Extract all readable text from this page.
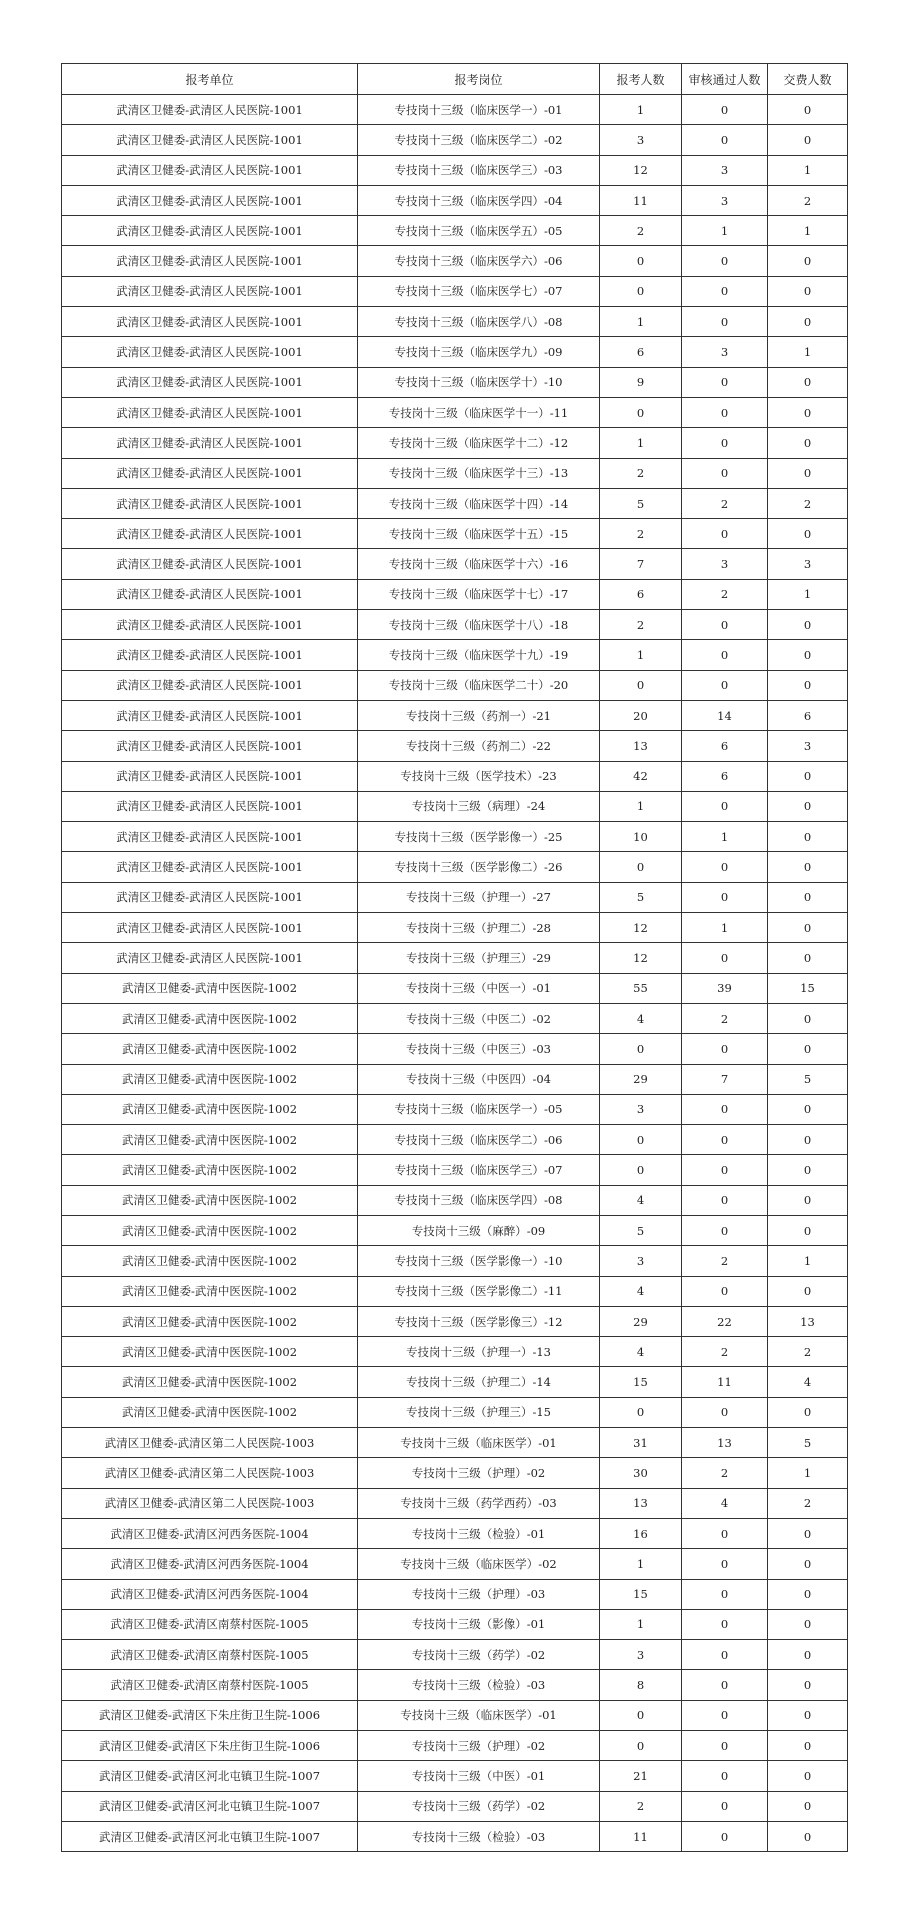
报考单位	报考岗位	报考人数	审核通过人数	交费人数
武清区卫健委-武清区人民医院-1001	专技岗十三级（临床医学一）-01	1	0	0
武清区卫健委-武清区人民医院-1001	专技岗十三级（临床医学二）-02	3	0	0
武清区卫健委-武清区人民医院-1001	专技岗十三级（临床医学三）-03	12	3	1
武清区卫健委-武清区人民医院-1001	专技岗十三级（临床医学四）-04	11	3	2
武清区卫健委-武清区人民医院-1001	专技岗十三级（临床医学五）-05	2	1	1
武清区卫健委-武清区人民医院-1001	专技岗十三级（临床医学六）-06	0	0	0
武清区卫健委-武清区人民医院-1001	专技岗十三级（临床医学七）-07	0	0	0
武清区卫健委-武清区人民医院-1001	专技岗十三级（临床医学八）-08	1	0	0
武清区卫健委-武清区人民医院-1001	专技岗十三级（临床医学九）-09	6	3	1
武清区卫健委-武清区人民医院-1001	专技岗十三级（临床医学十）-10	9	0	0
武清区卫健委-武清区人民医院-1001	专技岗十三级（临床医学十一）-11	0	0	0
武清区卫健委-武清区人民医院-1001	专技岗十三级（临床医学十二）-12	1	0	0
武清区卫健委-武清区人民医院-1001	专技岗十三级（临床医学十三）-13	2	0	0
武清区卫健委-武清区人民医院-1001	专技岗十三级（临床医学十四）-14	5	2	2
武清区卫健委-武清区人民医院-1001	专技岗十三级（临床医学十五）-15	2	0	0
武清区卫健委-武清区人民医院-1001	专技岗十三级（临床医学十六）-16	7	3	3
武清区卫健委-武清区人民医院-1001	专技岗十三级（临床医学十七）-17	6	2	1
武清区卫健委-武清区人民医院-1001	专技岗十三级（临床医学十八）-18	2	0	0
武清区卫健委-武清区人民医院-1001	专技岗十三级（临床医学十九）-19	1	0	0
武清区卫健委-武清区人民医院-1001	专技岗十三级（临床医学二十）-20	0	0	0
武清区卫健委-武清区人民医院-1001	专技岗十三级（药剂一）-21	20	14	6
武清区卫健委-武清区人民医院-1001	专技岗十三级（药剂二）-22	13	6	3
武清区卫健委-武清区人民医院-1001	专技岗十三级（医学技术）-23	42	6	0
武清区卫健委-武清区人民医院-1001	专技岗十三级（病理）-24	1	0	0
武清区卫健委-武清区人民医院-1001	专技岗十三级（医学影像一）-25	10	1	0
武清区卫健委-武清区人民医院-1001	专技岗十三级（医学影像二）-26	0	0	0
武清区卫健委-武清区人民医院-1001	专技岗十三级（护理一）-27	5	0	0
武清区卫健委-武清区人民医院-1001	专技岗十三级（护理二）-28	12	1	0
武清区卫健委-武清区人民医院-1001	专技岗十三级（护理三）-29	12	0	0
武清区卫健委-武清中医医院-1002	专技岗十三级（中医一）-01	55	39	15
武清区卫健委-武清中医医院-1002	专技岗十三级（中医二）-02	4	2	0
武清区卫健委-武清中医医院-1002	专技岗十三级（中医三）-03	0	0	0
武清区卫健委-武清中医医院-1002	专技岗十三级（中医四）-04	29	7	5
武清区卫健委-武清中医医院-1002	专技岗十三级（临床医学一）-05	3	0	0
武清区卫健委-武清中医医院-1002	专技岗十三级（临床医学二）-06	0	0	0
武清区卫健委-武清中医医院-1002	专技岗十三级（临床医学三）-07	0	0	0
武清区卫健委-武清中医医院-1002	专技岗十三级（临床医学四）-08	4	0	0
武清区卫健委-武清中医医院-1002	专技岗十三级（麻醉）-09	5	0	0
武清区卫健委-武清中医医院-1002	专技岗十三级（医学影像一）-10	3	2	1
武清区卫健委-武清中医医院-1002	专技岗十三级（医学影像二）-11	4	0	0
武清区卫健委-武清中医医院-1002	专技岗十三级（医学影像三）-12	29	22	13
武清区卫健委-武清中医医院-1002	专技岗十三级（护理一）-13	4	2	2
武清区卫健委-武清中医医院-1002	专技岗十三级（护理二）-14	15	11	4
武清区卫健委-武清中医医院-1002	专技岗十三级（护理三）-15	0	0	0
武清区卫健委-武清区第二人民医院-1003	专技岗十三级（临床医学）-01	31	13	5
武清区卫健委-武清区第二人民医院-1003	专技岗十三级（护理）-02	30	2	1
武清区卫健委-武清区第二人民医院-1003	专技岗十三级（药学西药）-03	13	4	2
武清区卫健委-武清区河西务医院-1004	专技岗十三级（检验）-01	16	0	0
武清区卫健委-武清区河西务医院-1004	专技岗十三级（临床医学）-02	1	0	0
武清区卫健委-武清区河西务医院-1004	专技岗十三级（护理）-03	15	0	0
武清区卫健委-武清区南蔡村医院-1005	专技岗十三级（影像）-01	1	0	0
武清区卫健委-武清区南蔡村医院-1005	专技岗十三级（药学）-02	3	0	0
武清区卫健委-武清区南蔡村医院-1005	专技岗十三级（检验）-03	8	0	0
武清区卫健委-武清区下朱庄街卫生院-1006	专技岗十三级（临床医学）-01	0	0	0
武清区卫健委-武清区下朱庄街卫生院-1006	专技岗十三级（护理）-02	0	0	0
武清区卫健委-武清区河北屯镇卫生院-1007	专技岗十三级（中医）-01	21	0	0
武清区卫健委-武清区河北屯镇卫生院-1007	专技岗十三级（药学）-02	2	0	0
武清区卫健委-武清区河北屯镇卫生院-1007	专技岗十三级（检验）-03	11	0	0
